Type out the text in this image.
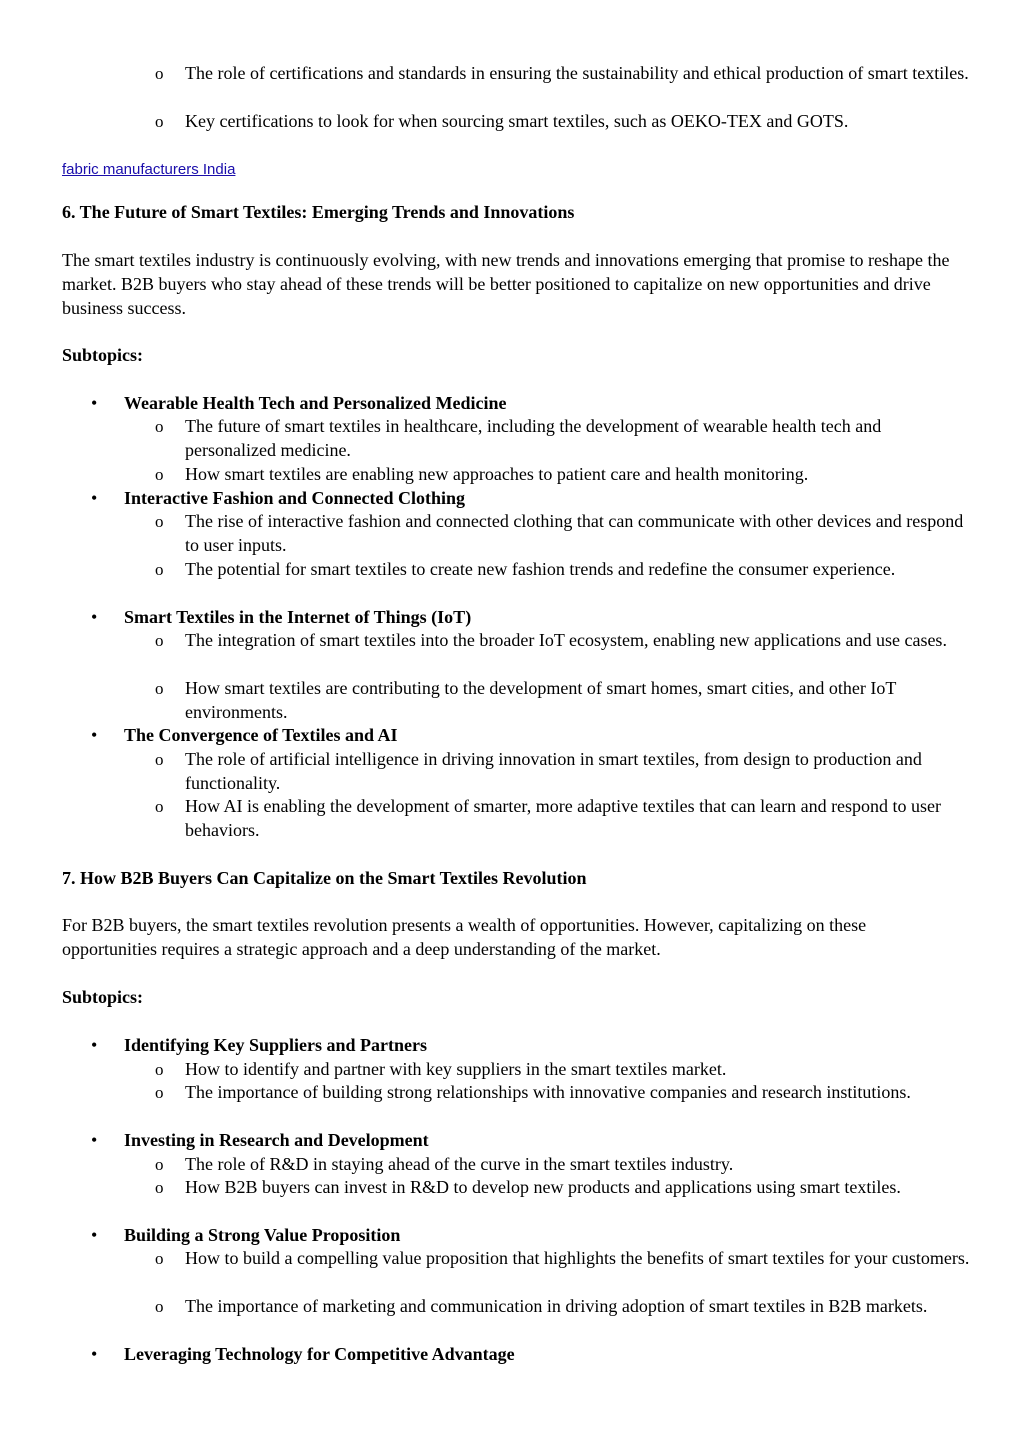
o The role of certifications and standards in ensuring the sustainability and ethical production of smart textiles.
o Key certifications to look for when sourcing smart textiles, such as OEKO-TEX and GOTS.
fabric manufacturers India

6. The Future of Smart Textiles: Emerging Trends and Innovations

The smart textiles industry is continuously evolving, with new trends and innovations emerging that promise to reshape the market. B2B buyers who stay ahead of these trends will be better positioned to capitalize on new opportunities and drive business success.

Subtopics:

• Wearable Health Tech and Personalized Medicine
o The future of smart textiles in healthcare, including the development of wearable health tech and personalized medicine.
o How smart textiles are enabling new approaches to patient care and health monitoring.
• Interactive Fashion and Connected Clothing
o The rise of interactive fashion and connected clothing that can communicate with other devices and respond to user inputs.
o The potential for smart textiles to create new fashion trends and redefine the consumer experience.
• Smart Textiles in the Internet of Things (IoT)
o The integration of smart textiles into the broader IoT ecosystem, enabling new applications and use cases.
o How smart textiles are contributing to the development of smart homes, smart cities, and other IoT environments.
• The Convergence of Textiles and AI
o The role of artificial intelligence in driving innovation in smart textiles, from design to production and functionality.
o How AI is enabling the development of smarter, more adaptive textiles that can learn and respond to user behaviors.

7. How B2B Buyers Can Capitalize on the Smart Textiles Revolution

For B2B buyers, the smart textiles revolution presents a wealth of opportunities. However, capitalizing on these opportunities requires a strategic approach and a deep understanding of the market.

Subtopics:

• Identifying Key Suppliers and Partners
o How to identify and partner with key suppliers in the smart textiles market.
o The importance of building strong relationships with innovative companies and research institutions.
• Investing in Research and Development
o The role of R&D in staying ahead of the curve in the smart textiles industry.
o How B2B buyers can invest in R&D to develop new products and applications using smart textiles.
• Building a Strong Value Proposition
o How to build a compelling value proposition that highlights the benefits of smart textiles for your customers.
o The importance of marketing and communication in driving adoption of smart textiles in B2B markets.
• Leveraging Technology for Competitive Advantage
